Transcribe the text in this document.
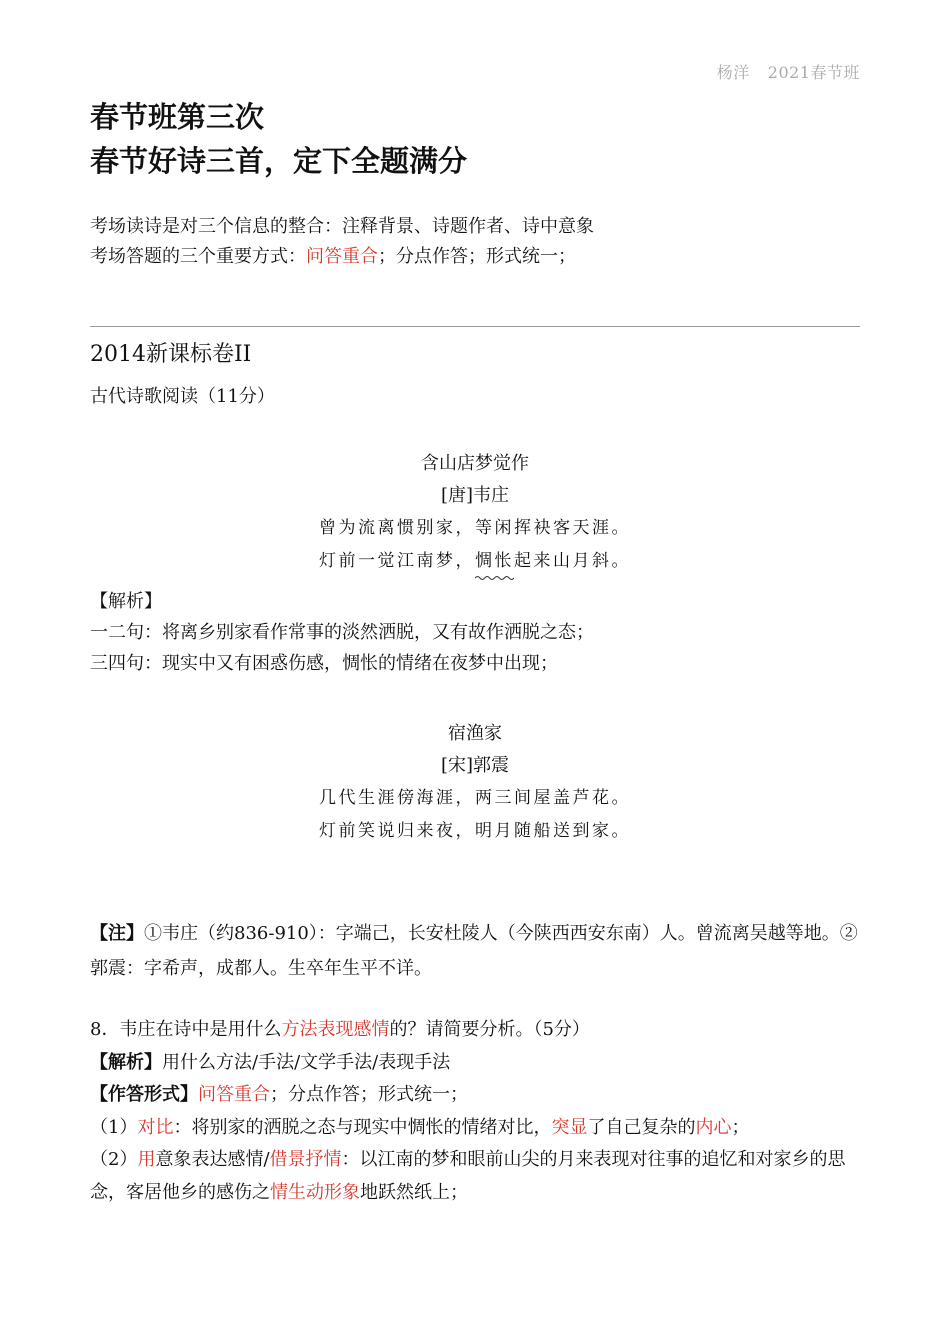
杨洋 2021春节班
春节班第三次
春节好诗三首，定下全题满分
考场读诗是对三个信息的整合：注释背景、诗题作者、诗中意象
考场答题的三个重要方式：问答重合；分点作答；形式统一；
2014新课标卷II
古代诗歌阅读（11分）
含山店梦觉作
[唐]韦庄
曾为流离惯别家，等闲挥袂客天涯。
灯前一觉江南梦，惆怅
起来山月斜。
【解析】
一二句：将离乡别家看作常事的淡然洒脱，又有故作洒脱之态；
三四句：现实中又有困惑伤感，惆怅的情绪在夜梦中出现；
宿渔家
[宋]郭震
几代生涯傍海涯，两三间屋盖芦花。
灯前笑说归来夜，明月随船送到家。
【注】①韦庄（约836-910）：字端己，长安杜陵人（今陕西西安东南）人。曾流离吴越等地。②郭震：字希声，成都人。生卒年生平不详。
8．韦庄在诗中是用什么方法表现感情的？请简要分析。（5分）
【解析】用什么方法/手法/文学手法/表现手法
【作答形式】问答重合；分点作答；形式统一；
（1）对比：将别家的洒脱之态与现实中惆怅的情绪对比，突显了自己复杂的内心；
（2）用意象表达感情/借景抒情：以江南的梦和眼前山尖的月来表现对往事的追忆和对家乡的思念，客居他乡的感伤之情生动形象地跃然纸上；
